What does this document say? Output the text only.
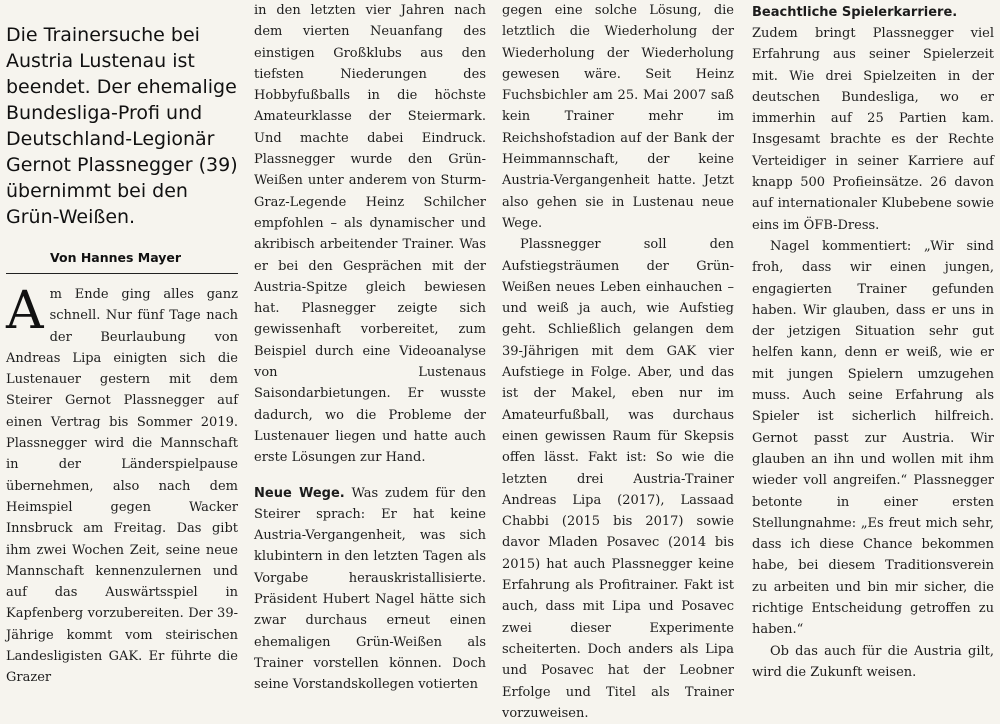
Die Trainersuche bei Austria Lustenau ist beendet. Der ehemalige Bundesliga-Profi und Deutschland-Legionär Gernot Plassnegger (39) übernimmt bei den Grün-Weißen.
Von Hannes Mayer
A m Ende ging alles ganz schnell. Nur fünf Tage nach der Beurlaubung von Andreas Lipa einigten sich die Lustenauer gestern mit dem Steirer Gernot Plassnegger auf einen Vertrag bis Sommer 2019. Plassnegger wird die Mannschaft in der Länderspielpause übernehmen, also nach dem Heimspiel gegen Wacker Innsbruck am Freitag. Das gibt ihm zwei Wochen Zeit, seine neue Mannschaft kennenzulernen und auf das Auswärtsspiel in Kapfenberg vorzubereiten. Der 39-Jährige kommt vom steirischen Landesligisten GAK. Er führte die Grazer

in den letzten vier Jahren nach dem vierten Neuanfang des einstigen Großklubs aus den tiefsten Niederungen des Hobbyfußballs in die höchste Amateurklasse der Steiermark. Und machte dabei Eindruck. Plassnegger wurde den Grün-Weißen unter anderem von Sturm-Graz-Legende Heinz Schilcher empfohlen – als dynamischer und akribisch arbeitender Trainer. Was er bei den Gesprächen mit der Austria-Spitze gleich bewiesen hat. Plasnegger zeigte sich gewissenhaft vorbereitet, zum Beispiel durch eine Videoanalyse von Lustenaus Saisondarbietungen. Er wusste dadurch, wo die Probleme der Lustenauer liegen und hatte auch erste Lösungen zur Hand.

Neue Wege. Was zudem für den Steirer sprach: Er hat keine Austria-Vergangenheit, was sich klubintern in den letzten Tagen als Vorgabe herauskristallisierte. Präsident Hubert Nagel hätte sich zwar durchaus erneut einen ehemaligen Grün-Weißen als Trainer vorstellen können. Doch seine Vorstandskollegen votierten

gegen eine solche Lösung, die letztlich die Wiederholung der Wiederholung der Wiederholung gewesen wäre. Seit Heinz Fuchsbichler am 25. Mai 2007 saß kein Trainer mehr im Reichshofstadion auf der Bank der Heimmannschaft, der keine Austria-Vergangenheit hatte. Jetzt also gehen sie in Lustenau neue Wege.

Plassnegger soll den Aufstiegsträumen der Grün-Weißen neues Leben einhauchen – und weiß ja auch, wie Aufstieg geht. Schließlich gelangen dem 39-Jährigen mit dem GAK vier Aufstiege in Folge. Aber, und das ist der Makel, eben nur im Amateurfußball, was durchaus einen gewissen Raum für Skepsis offen lässt. Fakt ist: So wie die letzten drei Austria-Trainer Andreas Lipa (2017), Lassaad Chabbi (2015 bis 2017) sowie davor Mladen Posavec (2014 bis 2015) hat auch Plassnegger keine Erfahrung als Profitrainer. Fakt ist auch, dass mit Lipa und Posavec zwei dieser Experimente scheiterten. Doch anders als Lipa und Posavec hat der Leobner Erfolge und Titel als Trainer vorzuweisen.

Beachtliche Spielerkarriere.

Zudem bringt Plassnegger viel Erfahrung aus seiner Spielerzeit mit. Wie drei Spielzeiten in der deutschen Bundesliga, wo er immerhin auf 25 Partien kam. Insgesamt brachte es der Rechte Verteidiger in seiner Karriere auf knapp 500 Profieinsätze. 26 davon auf internationaler Klubebene sowie eins im ÖFB-Dress.

Nagel kommentiert: „Wir sind froh, dass wir einen jungen, engagierten Trainer gefunden haben. Wir glauben, dass er uns in der jetzigen Situation sehr gut helfen kann, denn er weiß, wie er mit jungen Spielern umzugehen muss. Auch seine Erfahrung als Spieler ist sicherlich hilfreich. Gernot passt zur Austria. Wir glauben an ihn und wollen mit ihm wieder voll angreifen.“ Plassnegger betonte in einer ersten Stellungnahme: „Es freut mich sehr, dass ich diese Chance bekommen habe, bei diesem Traditionsverein zu arbeiten und bin mir sicher, die richtige Entscheidung getroffen zu haben.“

Ob das auch für die Austria gilt, wird die Zukunft weisen.
